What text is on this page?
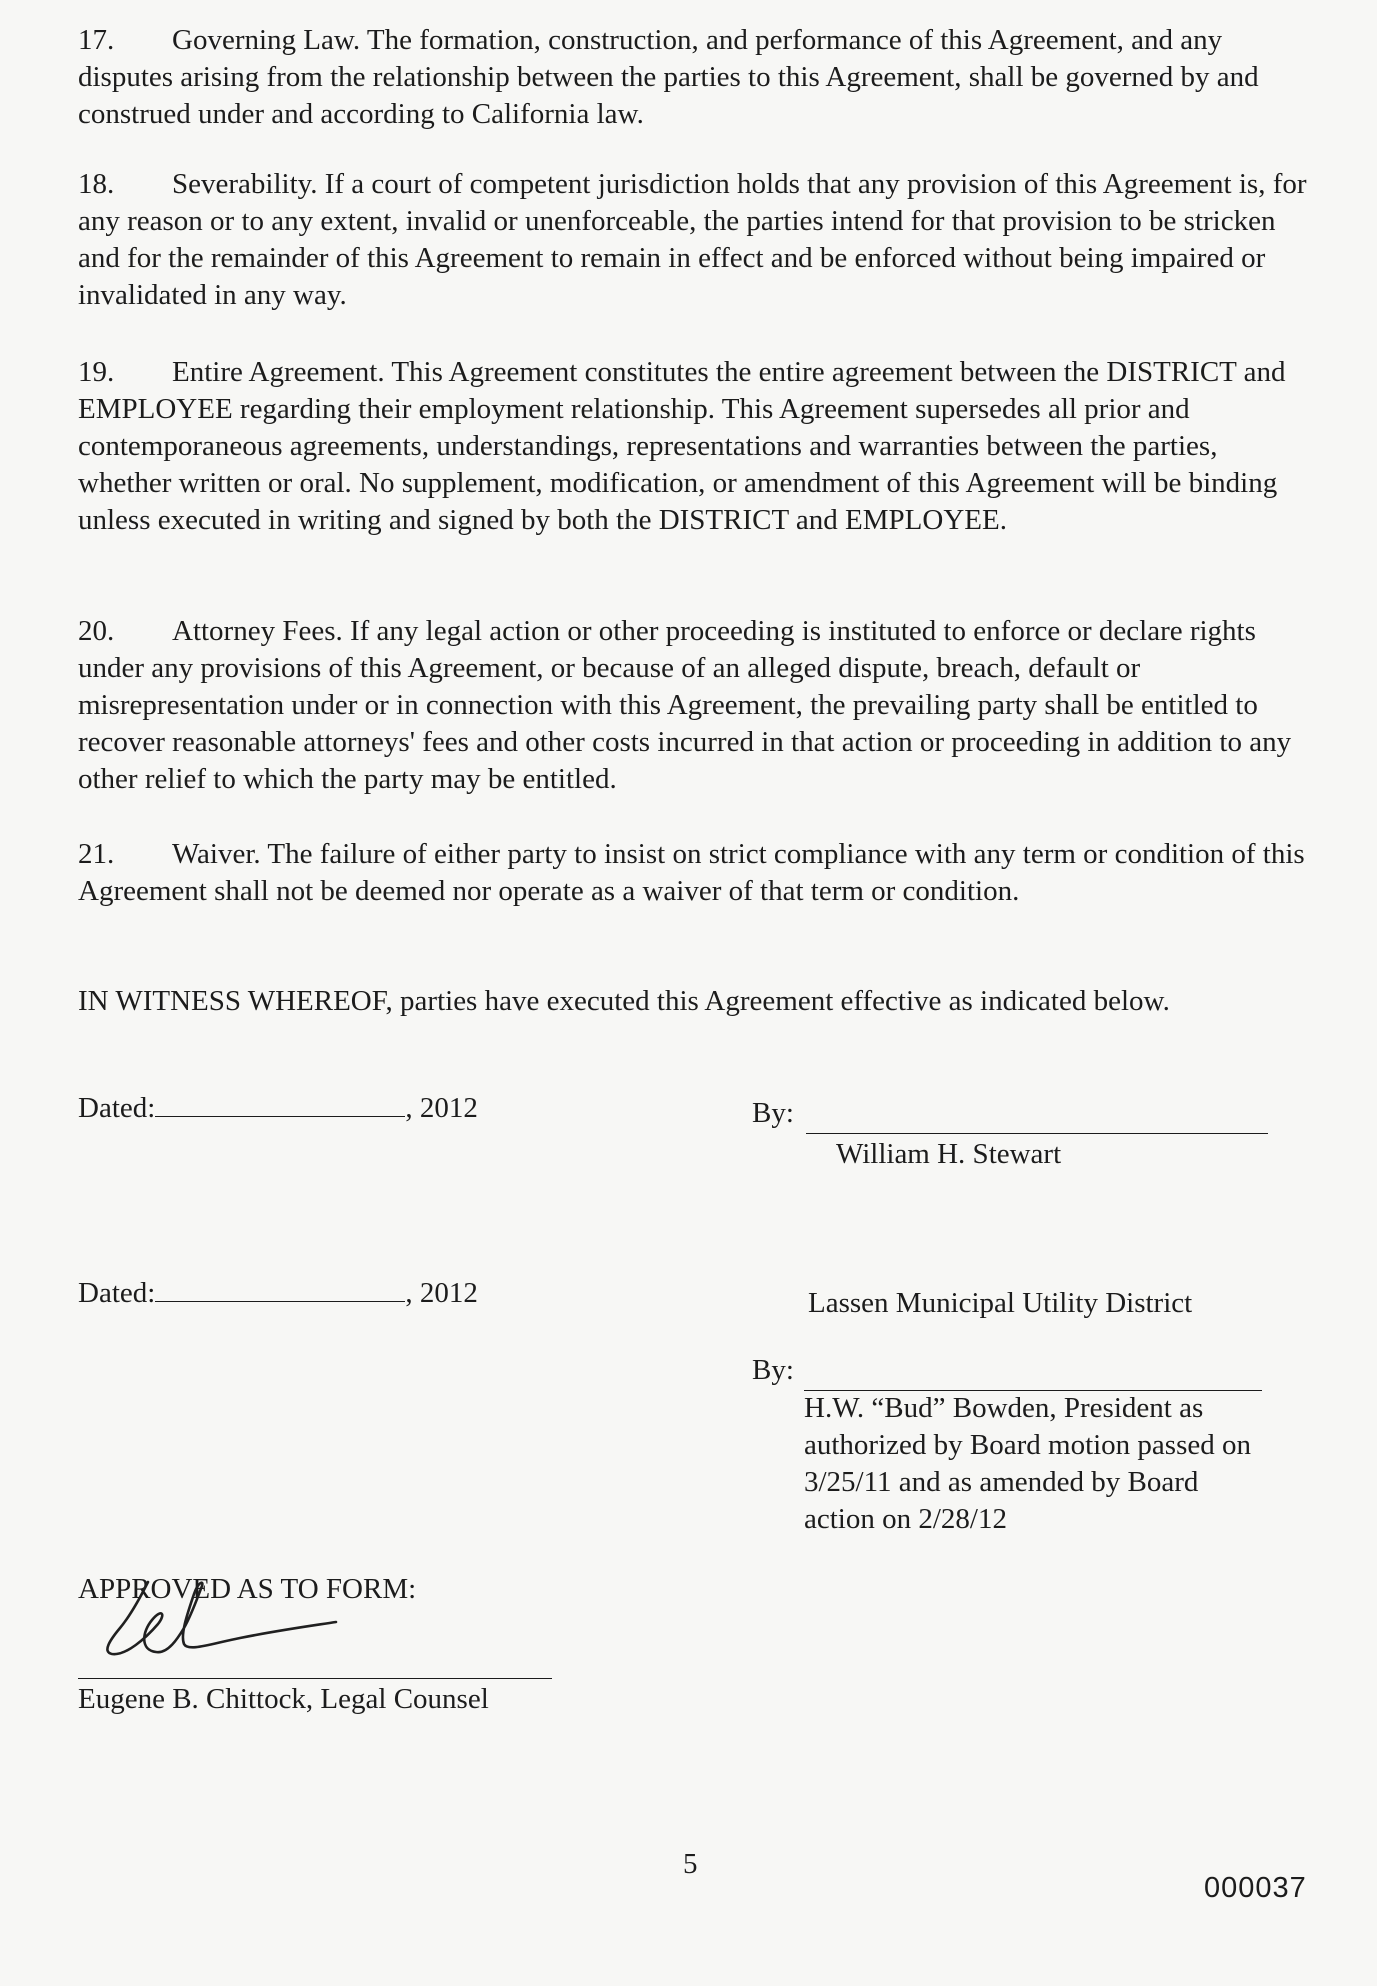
17. Governing Law. The formation, construction, and performance of this Agreement, and any disputes arising from the relationship between the parties to this Agreement, shall be governed by and construed under and according to California law.

18. Severability. If a court of competent jurisdiction holds that any provision of this Agreement is, for any reason or to any extent, invalid or unenforceable, the parties intend for that provision to be stricken and for the remainder of this Agreement to remain in effect and be enforced without being impaired or invalidated in any way.

19. Entire Agreement. This Agreement constitutes the entire agreement between the DISTRICT and EMPLOYEE regarding their employment relationship. This Agreement supersedes all prior and contemporaneous agreements, understandings, representations and warranties between the parties, whether written or oral. No supplement, modification, or amendment of this Agreement will be binding unless executed in writing and signed by both the DISTRICT and EMPLOYEE.

20. Attorney Fees. If any legal action or other proceeding is instituted to enforce or declare rights under any provisions of this Agreement, or because of an alleged dispute, breach, default or misrepresentation under or in connection with this Agreement, the prevailing party shall be entitled to recover reasonable attorneys' fees and other costs incurred in that action or proceeding in addition to any other relief to which the party may be entitled.

21. Waiver. The failure of either party to insist on strict compliance with any term or condition of this Agreement shall not be deemed nor operate as a waiver of that term or condition.

IN WITNESS WHEREOF, parties have executed this Agreement effective as indicated below.

Dated:	, 2012	By:
William H. Stewart
Dated:	, 2012	Lassen Municipal Utility District
By:
H.W. “Bud” Bowden, President as
authorized by Board motion passed on
3/25/11 and as amended by Board
action on 2/28/12
APPROVED AS TO FORM:
Eugene B. Chittock, Legal Counsel
5
000037
